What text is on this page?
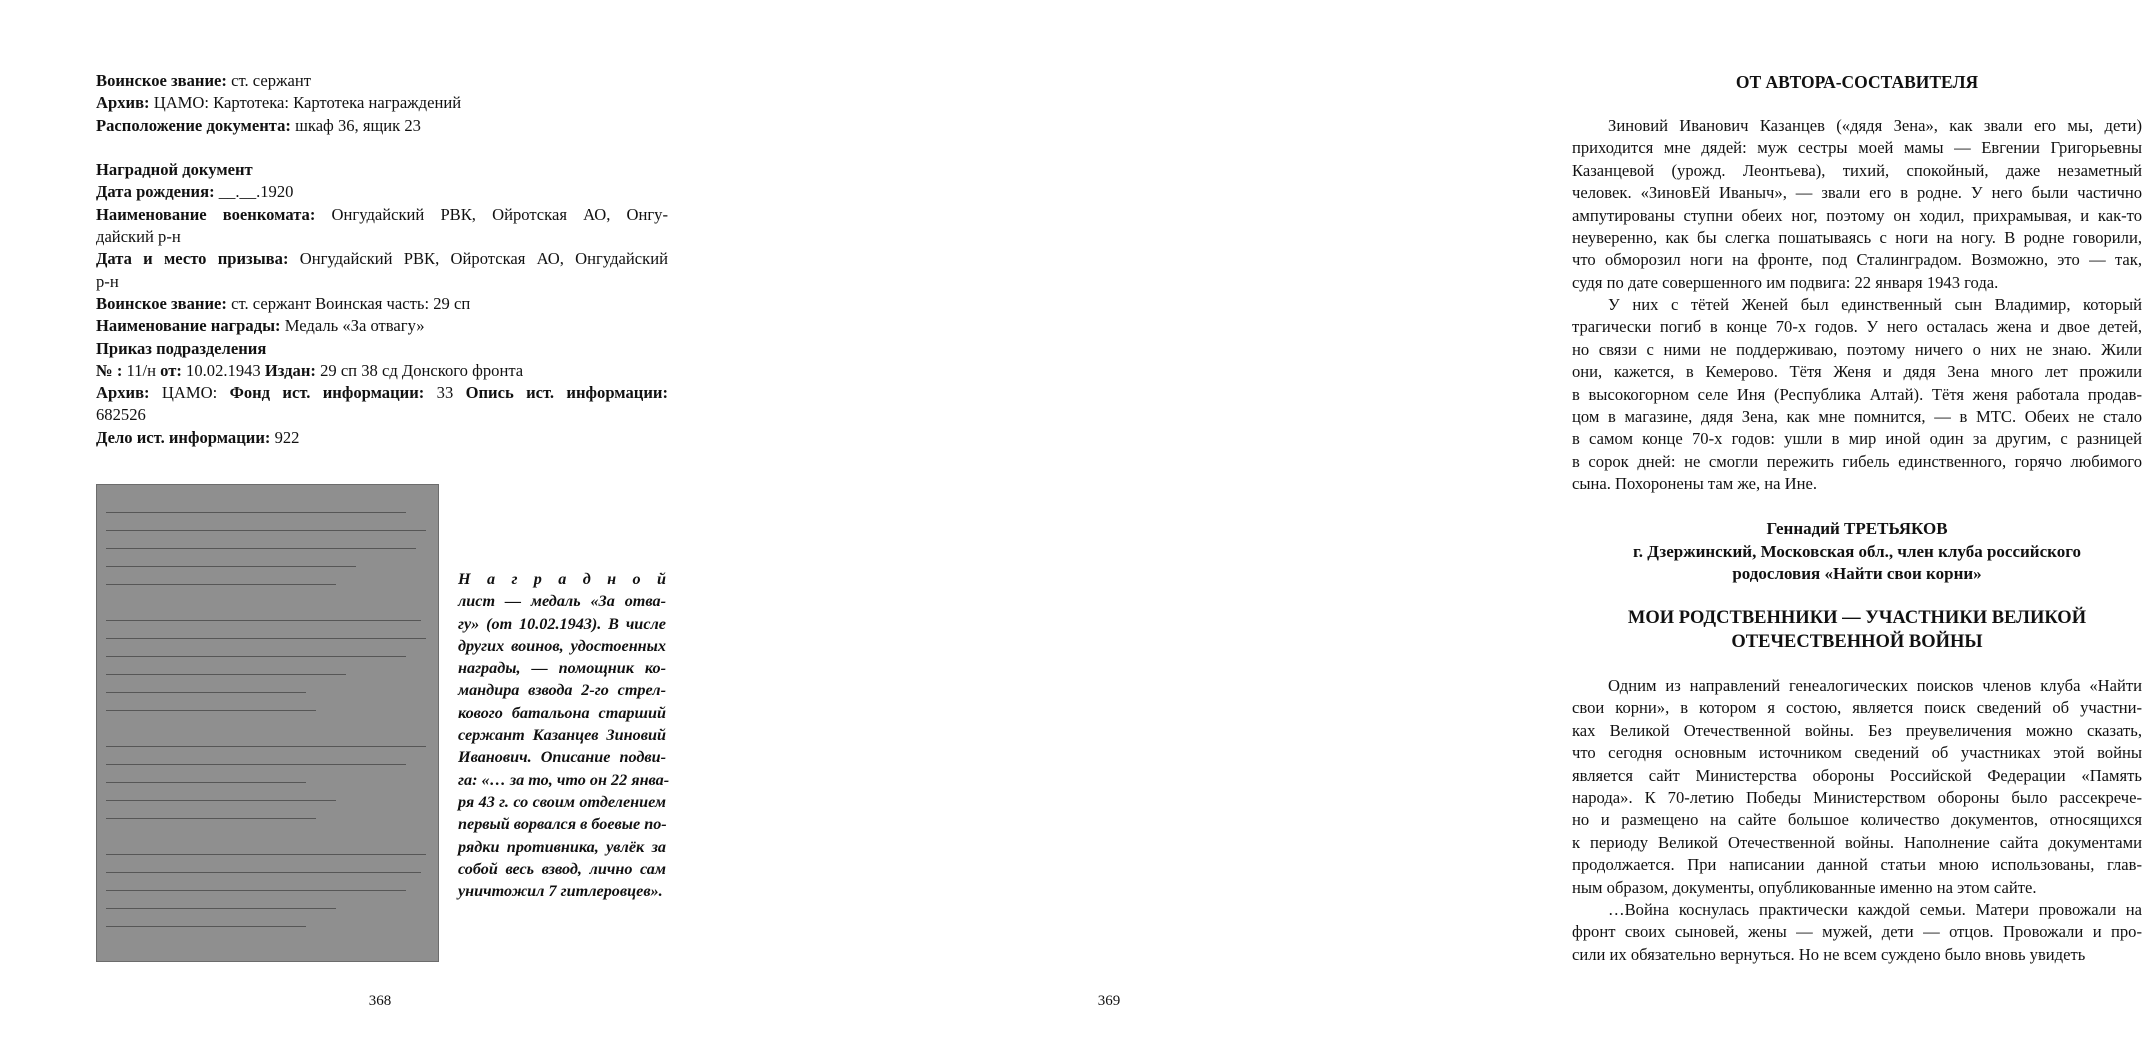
Воинское звание: ст. сержант
Архив: ЦАМО: Картотека: Картотека награждений
Расположение документа: шкаф 36, ящик 23
Наградной документ
Дата рождения: __.__.1920
Наименование военкомата: Онгудайский РВК, Ойротская АО, Онгу-
дайский р-н
Дата и место призыва: Онгудайский РВК, Ойротская АО, Онгудайский
р-н
Воинское звание: ст. сержант Воинская часть: 29 сп
Наименование награды: Медаль «За отвагу»
Приказ подразделения
№ : 11/н от: 10.02.1943 Издан: 29 сп 38 сд Донского фронта
Архив: ЦАМО: Фонд ист. информации: 33 Опись ист. информации:
682526
Дело ист. информации: 922
Н а г р а д н о й
лист — медаль «За отва-
гу» (от 10.02.1943). В числе
других воинов, удостоенных
награды, — помощник ко-
мандира взвода 2-го стрел-
кового батальона старший
сержант Казанцев Зиновий
Иванович. Описание подви-
га: «… за то, что он 22 янва-
ря 43 г. со своим отделением
первый ворвался в боевые по-
рядки противника, увлёк за
собой весь взвод, лично сам
уничтожил 7 гитлеровцев».
368
ОТ АВТОРА-СОСТАВИТЕЛЯ
Зиновий Иванович Казанцев («дядя Зена», как звали его мы, дети)
приходится мне дядей: муж сестры моей мамы — Евгении Григорьевны
Казанцевой (урожд. Леонтьева), тихий, спокойный, даже незаметный
человек. «ЗиновЕй Иваныч», — звали его в родне. У него были частично
ампутированы ступни обеих ног, поэтому он ходил, прихрамывая, и как-то
неуверенно, как бы слегка пошатываясь с ноги на ногу. В родне говорили,
что обморозил ноги на фронте, под Сталинградом. Возможно, это — так,
судя по дате совершенного им подвига: 22 января 1943 года.
У них с тётей Женей был единственный сын Владимир, который
трагически погиб в конце 70-х годов. У него осталась жена и двое детей,
но связи с ними не поддерживаю, поэтому ничего о них не знаю. Жили
они, кажется, в Кемерово. Тётя Женя и дядя Зена много лет прожили
в высокогорном селе Иня (Республика Алтай). Тётя женя работала продав-
цом в магазине, дядя Зена, как мне помнится, — в МТС. Обеих не стало
в самом конце 70-х годов: ушли в мир иной один за другим, с разницей
в сорок дней: не смогли пережить гибель единственного, горячо любимого
сына. Похоронены там же, на Ине.
Геннадий ТРЕТЬЯКОВ
г. Дзержинский, Московская обл., член клуба российского
родословия «Найти свои корни»
МОИ РОДСТВЕННИКИ — УЧАСТНИКИ ВЕЛИКОЙ
ОТЕЧЕСТВЕННОЙ ВОЙНЫ
Одним из направлений генеалогических поисков членов клуба «Найти
свои корни», в котором я состою, является поиск сведений об участни-
ках Великой Отечественной войны. Без преувеличения можно сказать,
что сегодня основным источником сведений об участниках этой войны
является сайт Министерства обороны Российской Федерации «Память
народа». К 70-летию Победы Министерством обороны было рассекрече-
но и размещено на сайте большое количество документов, относящихся
к периоду Великой Отечественной войны. Наполнение сайта документами
продолжается. При написании данной статьи мною использованы, глав-
ным образом, документы, опубликованные именно на этом сайте.
…Война коснулась практически каждой семьи. Матери провожали на
фронт своих сыновей, жены — мужей, дети — отцов. Провожали и про-
сили их обязательно вернуться. Но не всем суждено было вновь увидеть
369
